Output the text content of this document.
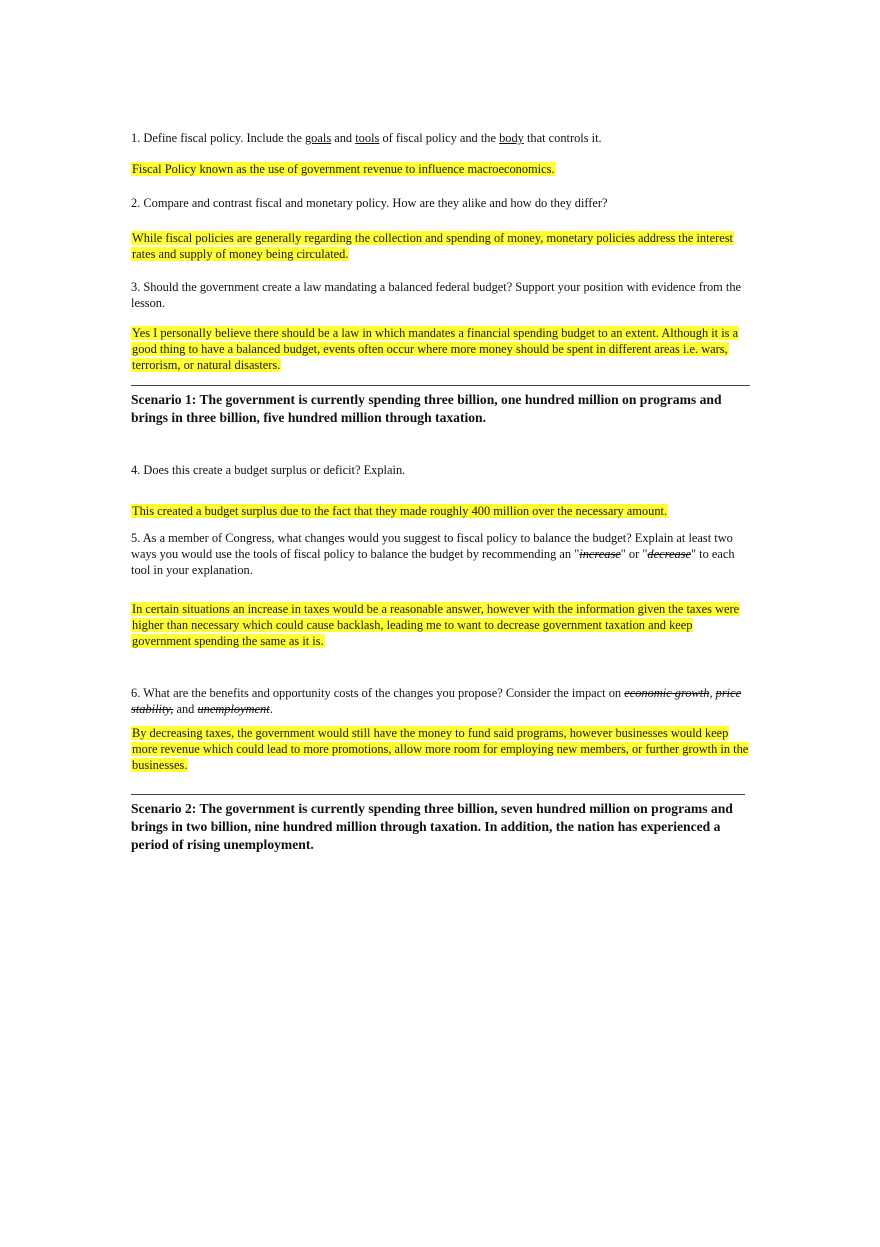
1. Define fiscal policy. Include the goals and tools of fiscal policy and the body that controls it.

Fiscal Policy known as the use of government revenue to influence macroeconomics.

2. Compare and contrast fiscal and monetary policy. How are they alike and how do they differ?

While fiscal policies are generally regarding the collection and spending of money, monetary policies address the interest rates and supply of money being circulated.

3. Should the government create a law mandating a balanced federal budget? Support your position with evidence from the lesson.

Yes I personally believe there should be a law in which mandates a financial spending budget to an extent. Although it is a good thing to have a balanced budget, events often occur where more money should be spent in different areas i.e. wars, terrorism, or natural disasters.

Scenario 1: The government is currently spending three billion, one hundred million on programs and brings in three billion, five hundred million through taxation.

4. Does this create a budget surplus or deficit? Explain.

This created a budget surplus due to the fact that they made roughly 400 million over the necessary amount.

5. As a member of Congress, what changes would you suggest to fiscal policy to balance the budget? Explain at least two ways you would use the tools of fiscal policy to balance the budget by recommending an "increase" or "decrease" to each tool in your explanation.

In certain situations an increase in taxes would be a reasonable answer, however with the information given the taxes were higher than necessary which could cause backlash, leading me to want to decrease government taxation and keep government spending the same as it is.

6. What are the benefits and opportunity costs of the changes you propose? Consider the impact on economic growth, price stability, and unemployment.

By decreasing taxes, the government would still have the money to fund said programs, however businesses would keep more revenue which could lead to more promotions, allow more room for employing new members, or further growth in the businesses.

Scenario 2: The government is currently spending three billion, seven hundred million on programs and brings in two billion, nine hundred million through taxation. In addition, the nation has experienced a period of rising unemployment.
